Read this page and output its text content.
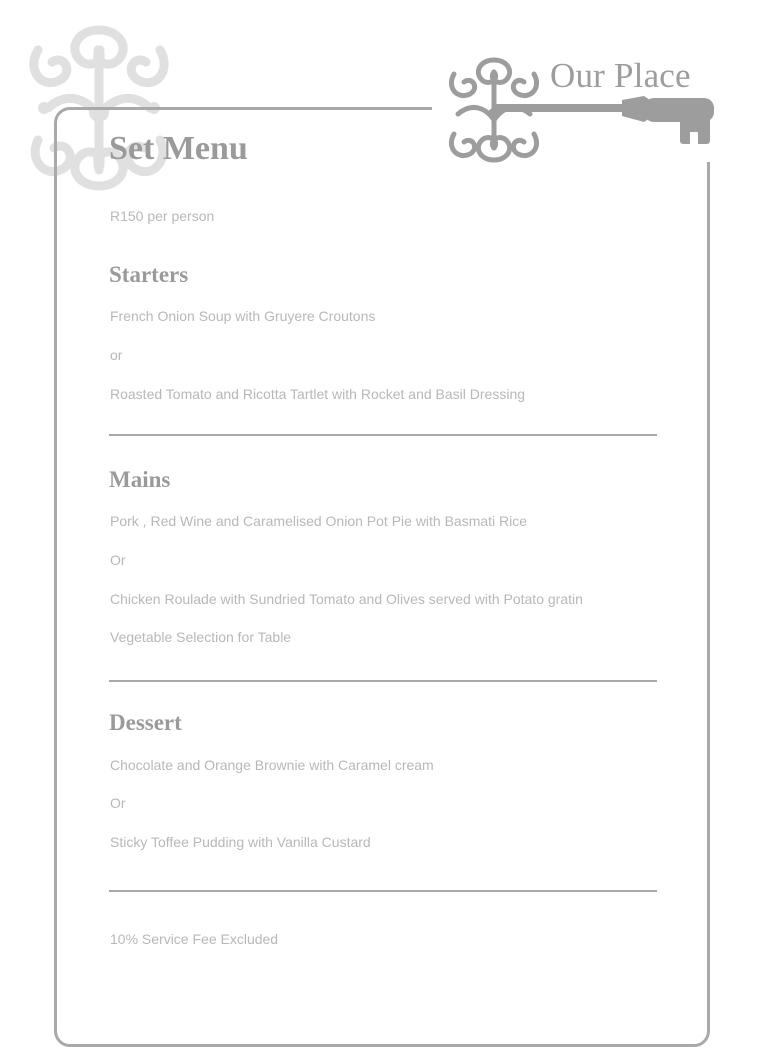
Our Place
Set Menu
R150 per person
Starters
French Onion Soup with Gruyere Croutons
or
Roasted Tomato and Ricotta Tartlet with Rocket and Basil Dressing
Mains
Pork , Red Wine and Caramelised Onion Pot Pie with Basmati Rice
Or
Chicken Roulade with Sundried Tomato and Olives served with Potato gratin
Vegetable Selection for Table
Dessert
Chocolate and Orange Brownie with Caramel cream
Or
Sticky Toffee Pudding with Vanilla Custard
10% Service Fee Excluded
